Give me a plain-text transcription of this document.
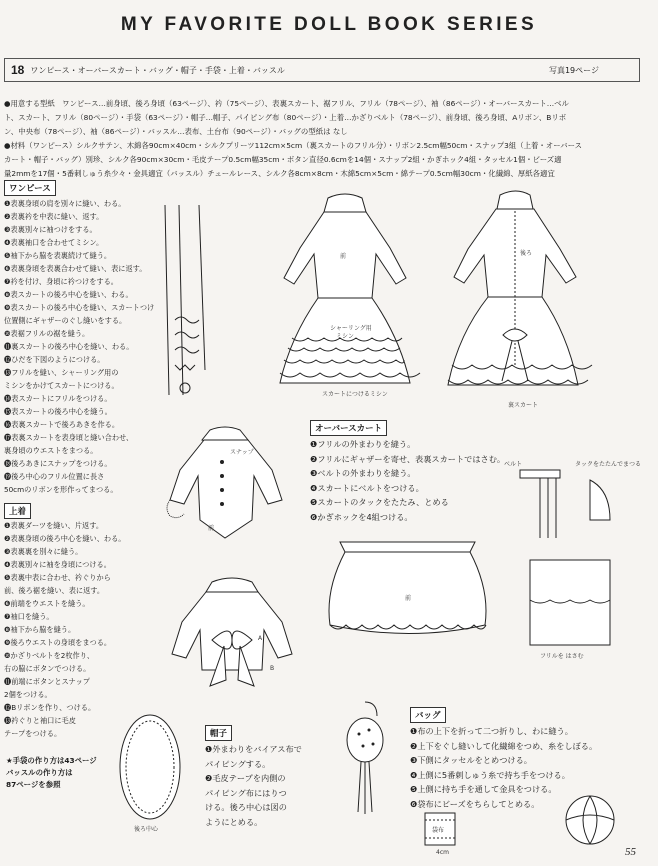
MY FAVORITE DOLL BOOK SERIES
18 ワンピース・オーバースカート・バッグ・帽子・手袋・上着・バッスル	写真19ページ

●用意する型紙　ワンピース…前身頃、後ろ身頃（63ページ）、衿（75ページ）、表裏スカート、裾フリル、フリル（78ページ）、袖（86ページ）・オーバースカート…ベル

ト、スカート、フリル（80ページ）・手袋（63ページ）・帽子…帽子、パイピング布（80ページ）・上着…かざりベルト（78ページ）、前身頃、後ろ身頃、Aリボン、Bリボ

ン、中央布（78ページ）、袖（86ページ）・バッスル…表布、土台布（90ページ）・バッグの型紙は なし

●材料（ワンピース）シルクサテン、木綿各90cm×40cm・シルクプリーツ112cm×5cm（裏スカートのフリル分）・リボン2.5cm幅50cm・スナップ3組（上着・オーバース

カート・帽子・バッグ）別珍、シルク各90cm×30cm・毛皮テープ0.5cm幅35cm・ボタン直径0.6cmを14個・スナップ2組・かぎホック4組・タッセル1個・ビーズ適

量2mmを17個・5番刺しゅう糸少々・金具適宜（バッスル）チュールレース、シルク各8cm×8cm・木綿5cm×5cm・綿テープ0.5cm幅30cm・化繊綿、厚紙各適宜

ワンピース
❶表裏身頃の肩を別々に縫い、わる。
❷表裏衿を中表に縫い、返す。
❸表裏別々に袖つけをする。
❹表裏袖口を合わせてミシン。
❺袖下から脇を表裏続けて縫う。
❻表裏身頃を表裏合わせて縫い、表に返す。
❼衿を付け、身頃に衿つけをする。
❽表スカートの後ろ中心を縫い、わる。
❾表スカートの後ろ中心を縫い、スカートつけ
位置側にギャザーのぐし縫いをする。
❿表裾フリルの裾を縫う。
⓫裏スカートの後ろ中心を縫い、わる。
⓬ひだを下図のようにつける。
⓭フリルを縫い、シャーリング用の
ミシンをかけてスカートにつける。
⓮表スカートにフリルをつける。
⓯表スカートの後ろ中心を縫う。
⓰表裏スカートで後ろあきを作る。
⓱表裏スカートを表身頃と縫い合わせ、
裏身頃のウエストをまつる。
⓲後ろあきにスナップをつける。
⓳後ろ中心のフリル位置に長さ
50cmのリボンを形作ってまつる。
前
シャーリング用
ミシン
スカートにつけるミシン
後ろ
裏スカート
オーバースカート
❶フリルの外まわりを縫う。
❷フリルにギャザーを寄せ、表裏スカートではさむ。
❸ベルトの外まわりを縫う。
❹スカートにベルトをつける。
❺スカートのタックをたたみ、とめる
❻かぎホックを4組つける。
前
フリルを はさむ
ベルト	タックをたたんでまつる
スナップ
前
上着
❶表裏ダーツを縫い、片返す。
❷表裏身頃の後ろ中心を縫い、わる。
❸表裏裏を別々に縫う。
❹表裏別々に袖を身頃につける。
❺表裏中表に合わせ、衿ぐりから
前、後ろ裾を縫い、表に返す。
❻前端をウエストを縫う。
❼袖口を縫う。
❽袖下から脇を縫う。
❾後ろウエストの身頃をまつる。
❿かざりベルトを2枚作り、
右の脇にボタンでつける。
⓫前端にボタンとスナップ
2個をつける。
⓬Bリボンを作り、つける。
⓭衿ぐりと袖口に毛皮
テープをつける。
★手袋の作り方は43ページ
バッスルの作り方は
87ページを参照
A
B
後ろ中心
帽子
❶外まわりをバイアス布で
パイピングする。
❷毛皮テープを内側の
パイピング布にはりつ
ける。後ろ中心は図の
ようにとめる。
バッグ
❶布の上下を折って二つ折りし、わに縫う。
❷上下をぐし縫いして化繊綿をつめ、糸をしぼる。
❸下側にタッセルをとめつける。
❹上側に5番刺しゅう糸で持ち手をつける。
❺上側に持ち手を通して金具をつける。
❻袋布にビーズをちらしてとめる。
袋布
4cm	55
